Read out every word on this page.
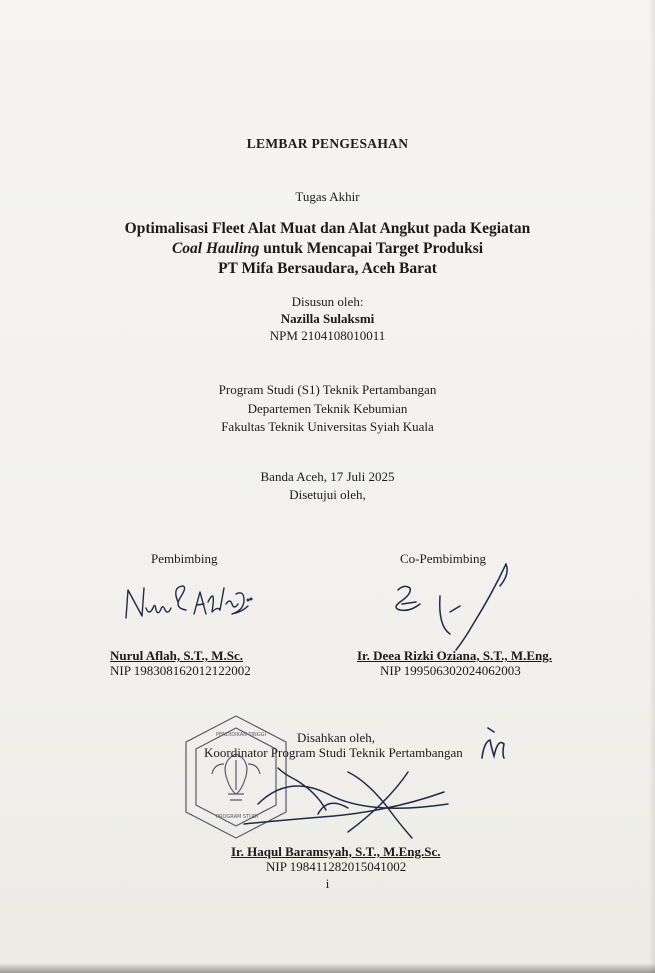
LEMBAR PENGESAHAN
Tugas Akhir
Optimalisasi Fleet Alat Muat dan Alat Angkut pada Kegiatan
Coal Hauling untuk Mencapai Target Produksi
PT Mifa Bersaudara, Aceh Barat
Disusun oleh:
Nazilla Sulaksmi
NPM 2104108010011
Program Studi (S1) Teknik Pertambangan
Departemen Teknik Kebumian
Fakultas Teknik Universitas Syiah Kuala
Banda Aceh, 17 Juli 2025
Disetujui oleh,
Pembimbing
Nurul Aflah, S.T., M.Sc.
NIP 198308162012122002
Co-Pembimbing
Ir. Deea Rizki Oziana, S.T., M.Eng.
NIP 199506302024062003
PENDIDIKAN TINGGI
PROGRAM STUDI
Disahkan oleh,
Koordinator Program Studi Teknik Pertambangan
Ir. Haqul Baramsyah, S.T., M.Eng.Sc.
NIP 198411282015041002
i
